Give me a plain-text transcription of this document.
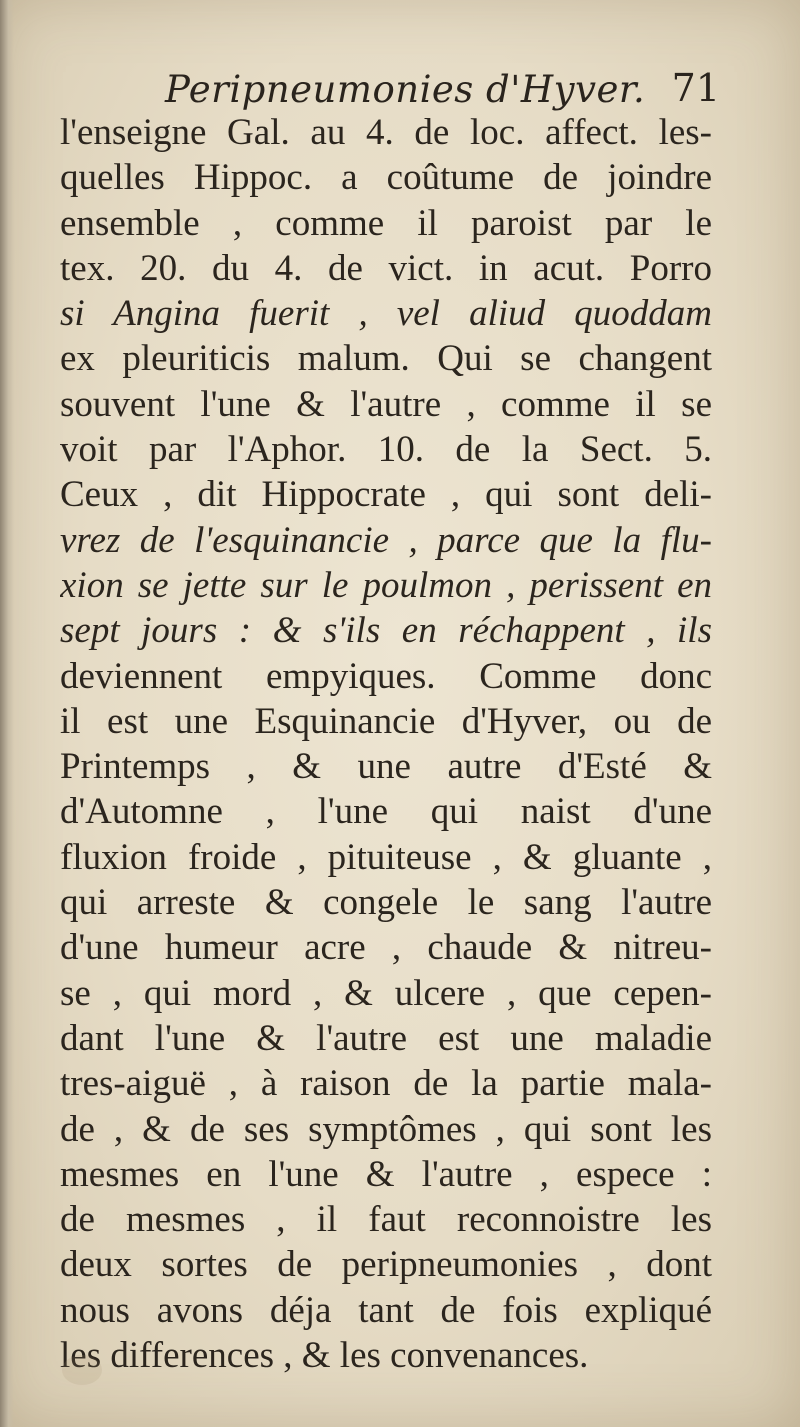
Peripneumonies d'Hyver. 71
l'enseigne Gal. au 4. de loc. affect. les-
quelles Hippoc. a coûtume de joindre
ensemble , comme il paroist par le
tex. 20. du 4. de vict. in acut. Porro
si Angina fuerit , vel aliud quoddam
ex pleuriticis malum. Qui se changent
souvent l'une & l'autre , comme il se
voit par l'Aphor. 10. de la Sect. 5.
Ceux , dit Hippocrate , qui sont deli-
vrez de l'esquinancie , parce que la flu-
xion se jette sur le poulmon , perissent en
sept jours : & s'ils en réchappent , ils
deviennent empyiques. Comme donc
il est une Esquinancie d'Hyver, ou de
Printemps , & une autre d'Esté &
d'Automne , l'une qui naist d'une
fluxion froide , pituiteuse , & gluante ,
qui arreste & congele le sang l'autre
d'une humeur acre , chaude & nitreu-
se , qui mord , & ulcere , que cepen-
dant l'une & l'autre est une maladie
tres-aiguë , à raison de la partie mala-
de , & de ses symptômes , qui sont les
mesmes en l'une & l'autre , espece :
de mesmes , il faut reconnoistre les
deux sortes de peripneumonies , dont
nous avons déja tant de fois expliqué
les differences , & les convenances.
